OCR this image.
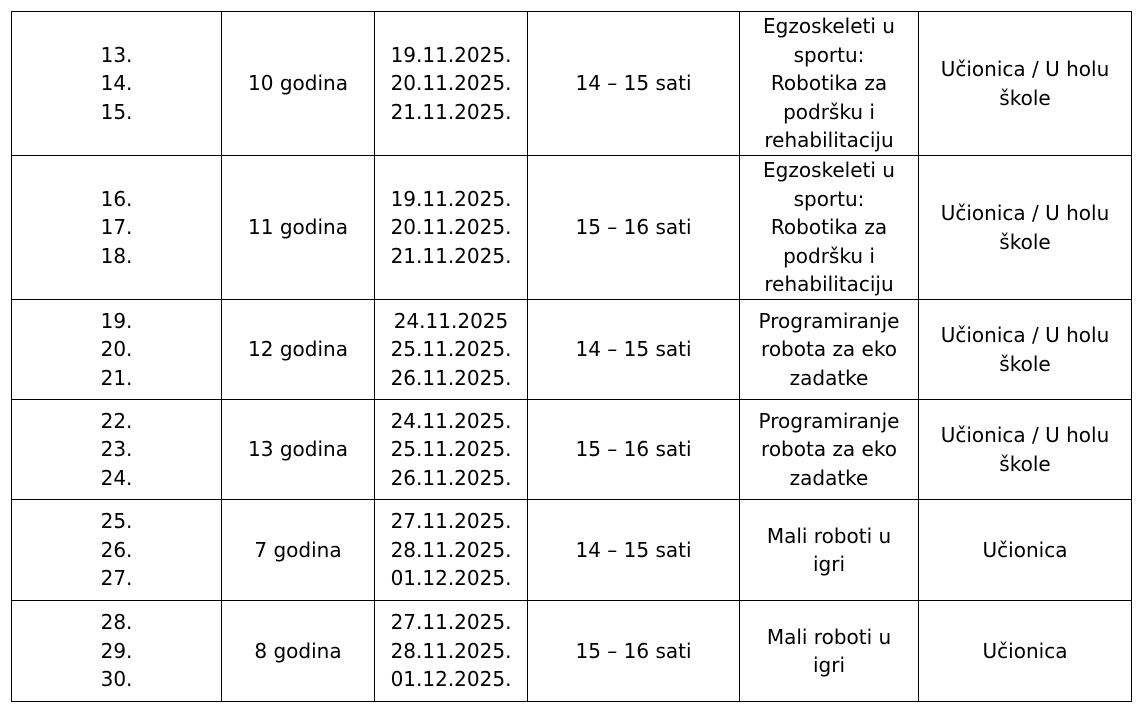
13.
14.
15.	10 godina	19.11.2025.
20.11.2025.
21.11.2025.	14 – 15 sati	Egzoskeleti u
sportu:
Robotika za
podršku i
rehabilitaciju	Učionica / U holu
škole

16.
17.
18.	11 godina	19.11.2025.
20.11.2025.
21.11.2025.	15 – 16 sati	Egzoskeleti u
sportu:
Robotika za
podršku i
rehabilitaciju	Učionica / U holu
škole

19.
20.
21.	12 godina	24.11.2025
25.11.2025.
26.11.2025.	14 – 15 sati	Programiranje
robota za eko
zadatke	Učionica / U holu
škole

22.
23.
24.	13 godina	24.11.2025.
25.11.2025.
26.11.2025.	15 – 16 sati	Programiranje
robota za eko
zadatke	Učionica / U holu
škole

25.
26.
27.	7 godina	27.11.2025.
28.11.2025.
01.12.2025.	14 – 15 sati	Mali roboti u
igri	Učionica

28.
29.
30.	8 godina	27.11.2025.
28.11.2025.
01.12.2025.	15 – 16 sati	Mali roboti u
igri	Učionica
